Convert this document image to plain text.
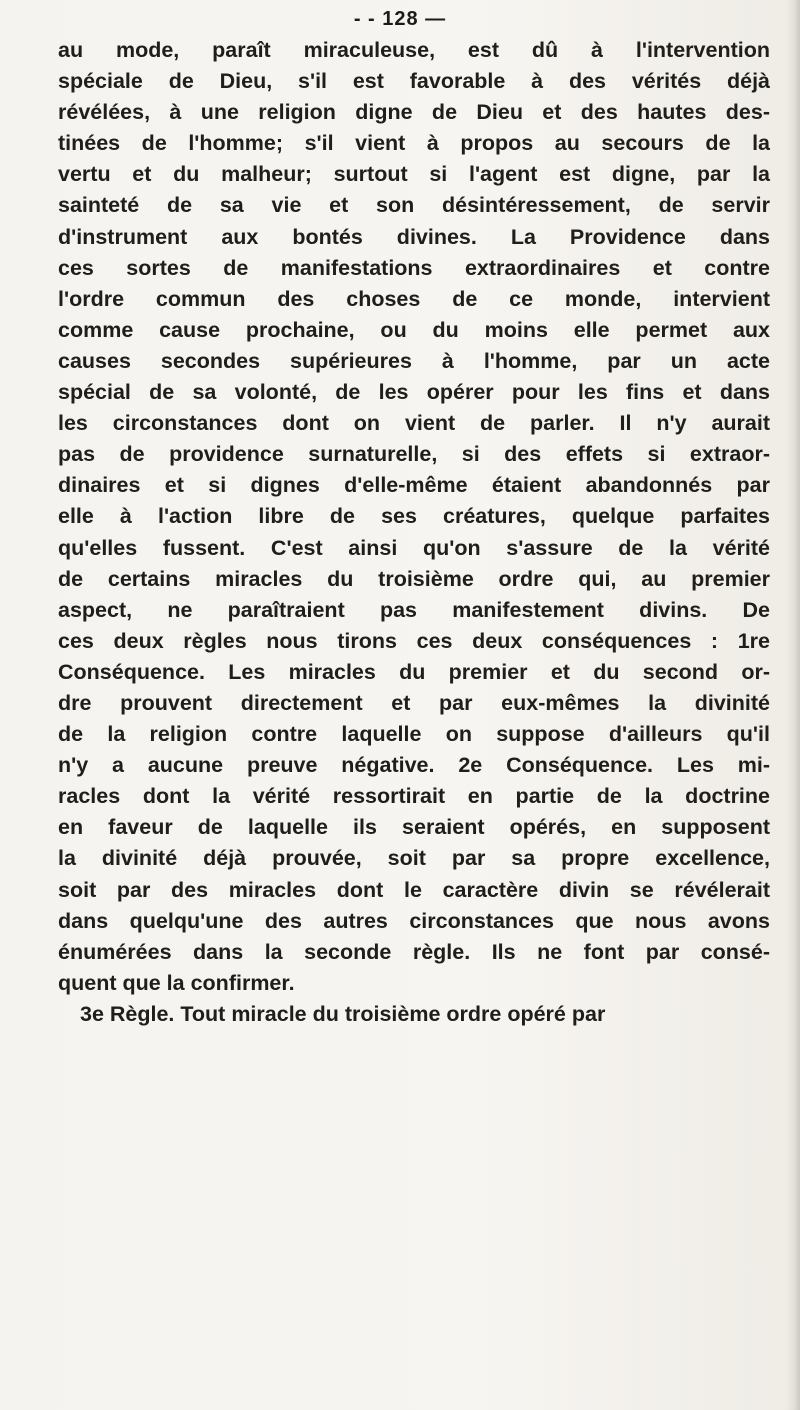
- - 128 —
au mode, paraît miraculeuse, est dû à l'intervention
spéciale de Dieu, s'il est favorable à des vérités déjà
révélées, à une religion digne de Dieu et des hautes des-
tinées de l'homme; s'il vient à propos au secours de la
vertu et du malheur; surtout si l'agent est digne, par la
sainteté de sa vie et son désintéressement, de servir
d'instrument aux bontés divines. La Providence dans
ces sortes de manifestations extraordinaires et contre
l'ordre commun des choses de ce monde, intervient
comme cause prochaine, ou du moins elle permet aux
causes secondes supérieures à l'homme, par un acte
spécial de sa volonté, de les opérer pour les fins et dans
les circonstances dont on vient de parler. Il n'y aurait
pas de providence surnaturelle, si des effets si extraor-
dinaires et si dignes d'elle-même étaient abandonnés par
elle à l'action libre de ses créatures, quelque parfaites
qu'elles fussent. C'est ainsi qu'on s'assure de la vérité
de certains miracles du troisième ordre qui, au premier
aspect, ne paraîtraient pas manifestement divins. De
ces deux règles nous tirons ces deux conséquences : 1re
Conséquence. Les miracles du premier et du second or-
dre prouvent directement et par eux-mêmes la divinité
de la religion contre laquelle on suppose d'ailleurs qu'il
n'y a aucune preuve négative. 2e Conséquence. Les mi-
racles dont la vérité ressortirait en partie de la doctrine
en faveur de laquelle ils seraient opérés, en supposent
la divinité déjà prouvée, soit par sa propre excellence,
soit par des miracles dont le caractère divin se révélerait
dans quelqu'une des autres circonstances que nous avons
énumérées dans la seconde règle. Ils ne font par consé-
quent que la confirmer.
3e Règle. Tout miracle du troisième ordre opéré par
